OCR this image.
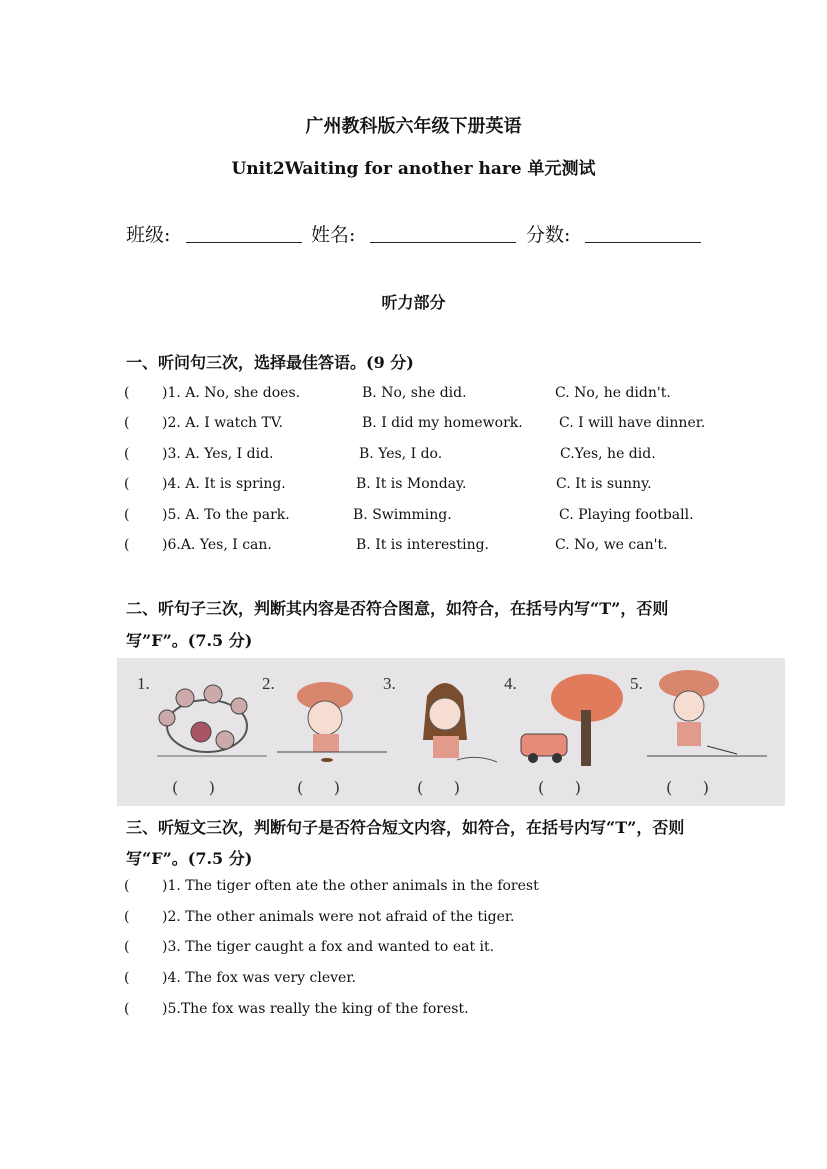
广州教科版六年级下册英语
Unit2Waiting for another hare 单元测试
班级:	姓名:	分数:
听力部分
一、听问句三次，选择最佳答语。(9 分)
( )1. A. No, she does.	B. No, she did.	C. No, he didn't.
( )2. A. I watch TV.	B. I did my homework.	C. I will have dinner.
( )3. A. Yes, I did.	B. Yes, I do.	C.Yes, he did.
( )4. A. It is spring.	B. It is Monday.	C. It is sunny.
( )5. A. To the park.	B. Swimming.	C. Playing football.
( )6.A. Yes, I can.	B. It is interesting.	C. No, we can't.
二、听句子三次，判断其内容是否符合图意，如符合，在括号内写“T”，否则
写”F”。(7.5 分)
1.
(      )
2.
(      )
3.
(      )
4.
(      )
5.
(      )
三、听短文三次，判断句子是否符合短文内容，如符合，在括号内写“T”，否则
写“F”。(7.5 分)
( )1. The tiger often ate the other animals in the forest
( )2. The other animals were not afraid of the tiger.
( )3. The tiger caught a fox and wanted to eat it.
( )4. The fox was very clever.
( )5.The fox was really the king of the forest.
